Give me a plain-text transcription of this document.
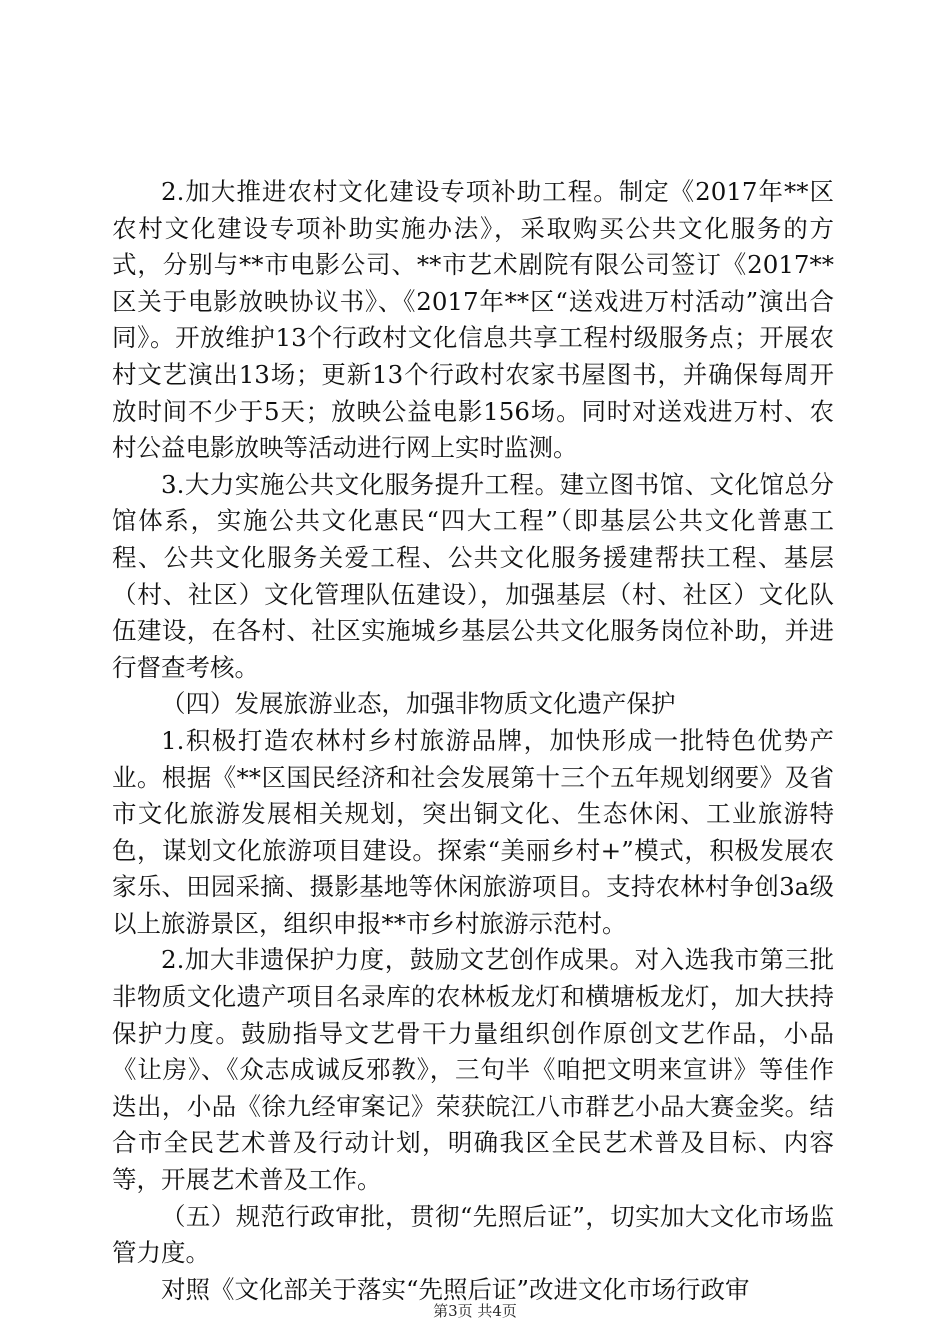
2.加大推进农村文化建设专项补助工程。制定《2017年**区农村文化建设专项补助实施办法》，采取购买公共文化服务的方式，分别与**市电影公司、**市艺术剧院有限公司签订《2017**区关于电影放映协议书》、《2017年**区“送戏进万村活动”演出合同》。开放维护13个行政村文化信息共享工程村级服务点；开展农村文艺演出13场；更新13个行政村农家书屋图书，并确保每周开放时间不少于5天；放映公益电影156场。同时对送戏进万村、农村公益电影放映等活动进行网上实时监测。

3.大力实施公共文化服务提升工程。建立图书馆、文化馆总分馆体系，实施公共文化惠民“四大工程”（即基层公共文化普惠工程、公共文化服务关爱工程、公共文化服务援建帮扶工程、基层（村、社区）文化管理队伍建设），加强基层（村、社区）文化队伍建设，在各村、社区实施城乡基层公共文化服务岗位补助，并进行督查考核。

（四）发展旅游业态，加强非物质文化遗产保护

1.积极打造农林村乡村旅游品牌，加快形成一批特色优势产业。根据《**区国民经济和社会发展第十三个五年规划纲要》及省市文化旅游发展相关规划，突出铜文化、生态休闲、工业旅游特色，谋划文化旅游项目建设。探索“美丽乡村+”模式，积极发展农家乐、田园采摘、摄影基地等休闲旅游项目。支持农林村争创3a级以上旅游景区，组织申报**市乡村旅游示范村。

2.加大非遗保护力度，鼓励文艺创作成果。对入选我市第三批非物质文化遗产项目名录库的农林板龙灯和横塘板龙灯，加大扶持保护力度。鼓励指导文艺骨干力量组织创作原创文艺作品，小品《让房》、《众志成诚反邪教》，三句半《咱把文明来宣讲》等佳作迭出，小品《徐九经审案记》荣获皖江八市群艺小品大赛金奖。结合市全民艺术普及行动计划，明确我区全民艺术普及目标、内容等，开展艺术普及工作。

（五）规范行政审批，贯彻“先照后证”，切实加大文化市场监管力度。

对照《文化部关于落实“先照后证”改进文化市场行政审

第3页 共4页
